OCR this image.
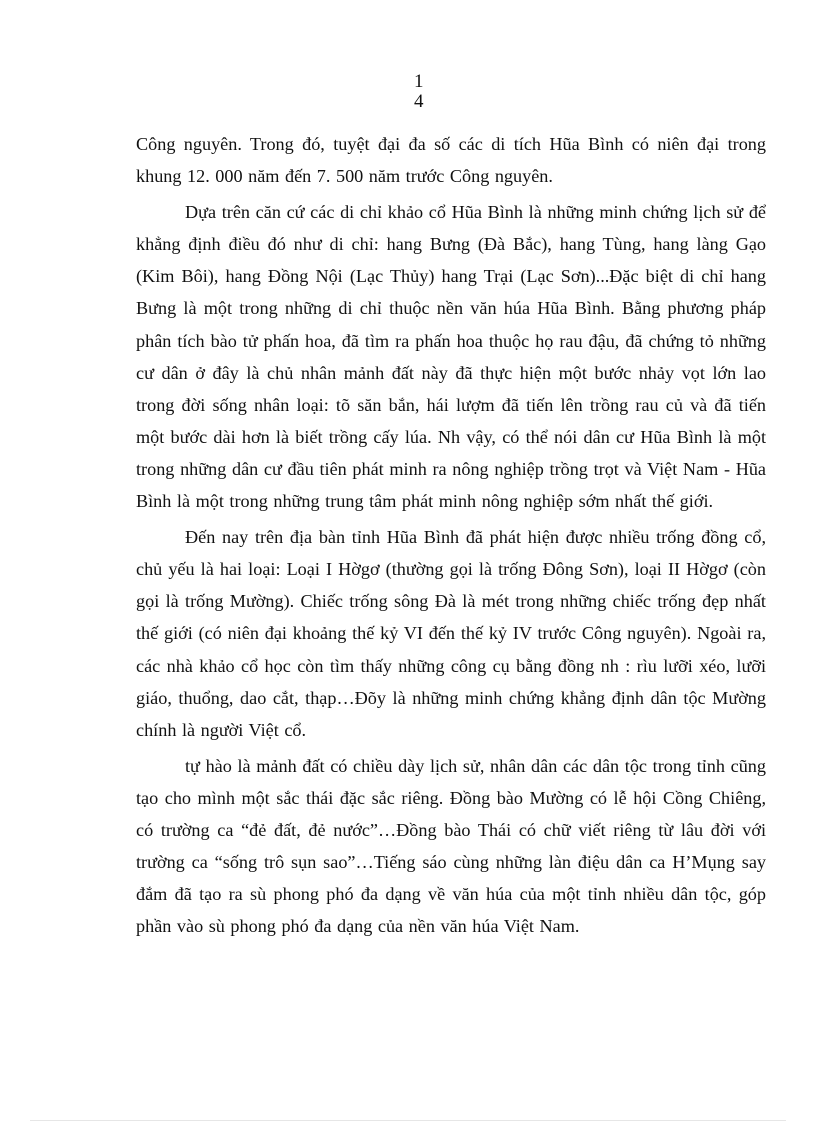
1
4

Công nguyên. Trong đó, tuyệt đại đa số các di tích Hũa Bình có niên đại trong khung 12. 000 năm đến 7. 500 năm trước Công nguyên.

Dựa trên căn cứ các di chỉ khảo cổ Hũa Bình là những minh chứng lịch sử để khẳng định điều đó như di chỉ: hang Bưng (Đà Bắc), hang Tùng, hang làng Gạo (Kim Bôi), hang Đồng Nội (Lạc Thủy) hang Trại (Lạc Sơn)...Đặc biệt di chỉ hang Bưng là một trong những di chỉ thuộc nền văn húa Hũa Bình. Bằng phương pháp phân tích bào tử phấn hoa, đã tìm ra phấn hoa thuộc họ rau đậu, đã chứng tỏ những cư dân ở đây là chủ nhân mảnh đất này đã thực hiện một bước nhảy vọt lớn lao trong đời sống nhân loại: tõ săn bắn, hái lượm đã tiến lên trồng rau củ và đã tiến một bước dài hơn là biết trồng cấy lúa. Nh vậy, có thể nói dân cư Hũa Bình là một trong những dân cư đầu tiên phát minh ra nông nghiệp trồng trọt và Việt Nam - Hũa Bình là một trong những trung tâm phát minh nông nghiệp sớm nhất thế giới.

Đến nay trên địa bàn tỉnh Hũa Bình đã phát hiện được nhiều trống đồng cổ, chủ yếu là hai loại: Loại I Hờgơ (thường gọi là trống Đông Sơn), loại II Hờgơ (còn gọi là trống Mường). Chiếc trống sông Đà là mét trong những chiếc trống đẹp nhất thế giới (có niên đại khoảng thế kỷ VI đến thế kỷ IV trước Công nguyên). Ngoài ra, các nhà khảo cổ học còn tìm thấy những công cụ bằng đồng nh : rìu lưỡi xéo, lưỡi giáo, thuổng, dao cắt, thạp…Đõy là những minh chứng khẳng định dân tộc Mường chính là người Việt cổ.

tự hào là mảnh đất có chiều dày lịch sử, nhân dân các dân tộc trong tỉnh cũng tạo cho mình một sắc thái đặc sắc riêng. Đồng bào Mường có lễ hội Cồng Chiêng, có trường ca “đẻ đất, đẻ nước”…Đồng bào Thái có chữ viết riêng từ lâu đời với trường ca “sống trô sụn sao”…Tiếng sáo cùng những làn điệu dân ca H’Mụng say đắm đã tạo ra sù phong phó đa dạng về văn húa của một tỉnh nhiều dân tộc, góp phần vào sù phong phó đa dạng của nền văn húa Việt Nam.
